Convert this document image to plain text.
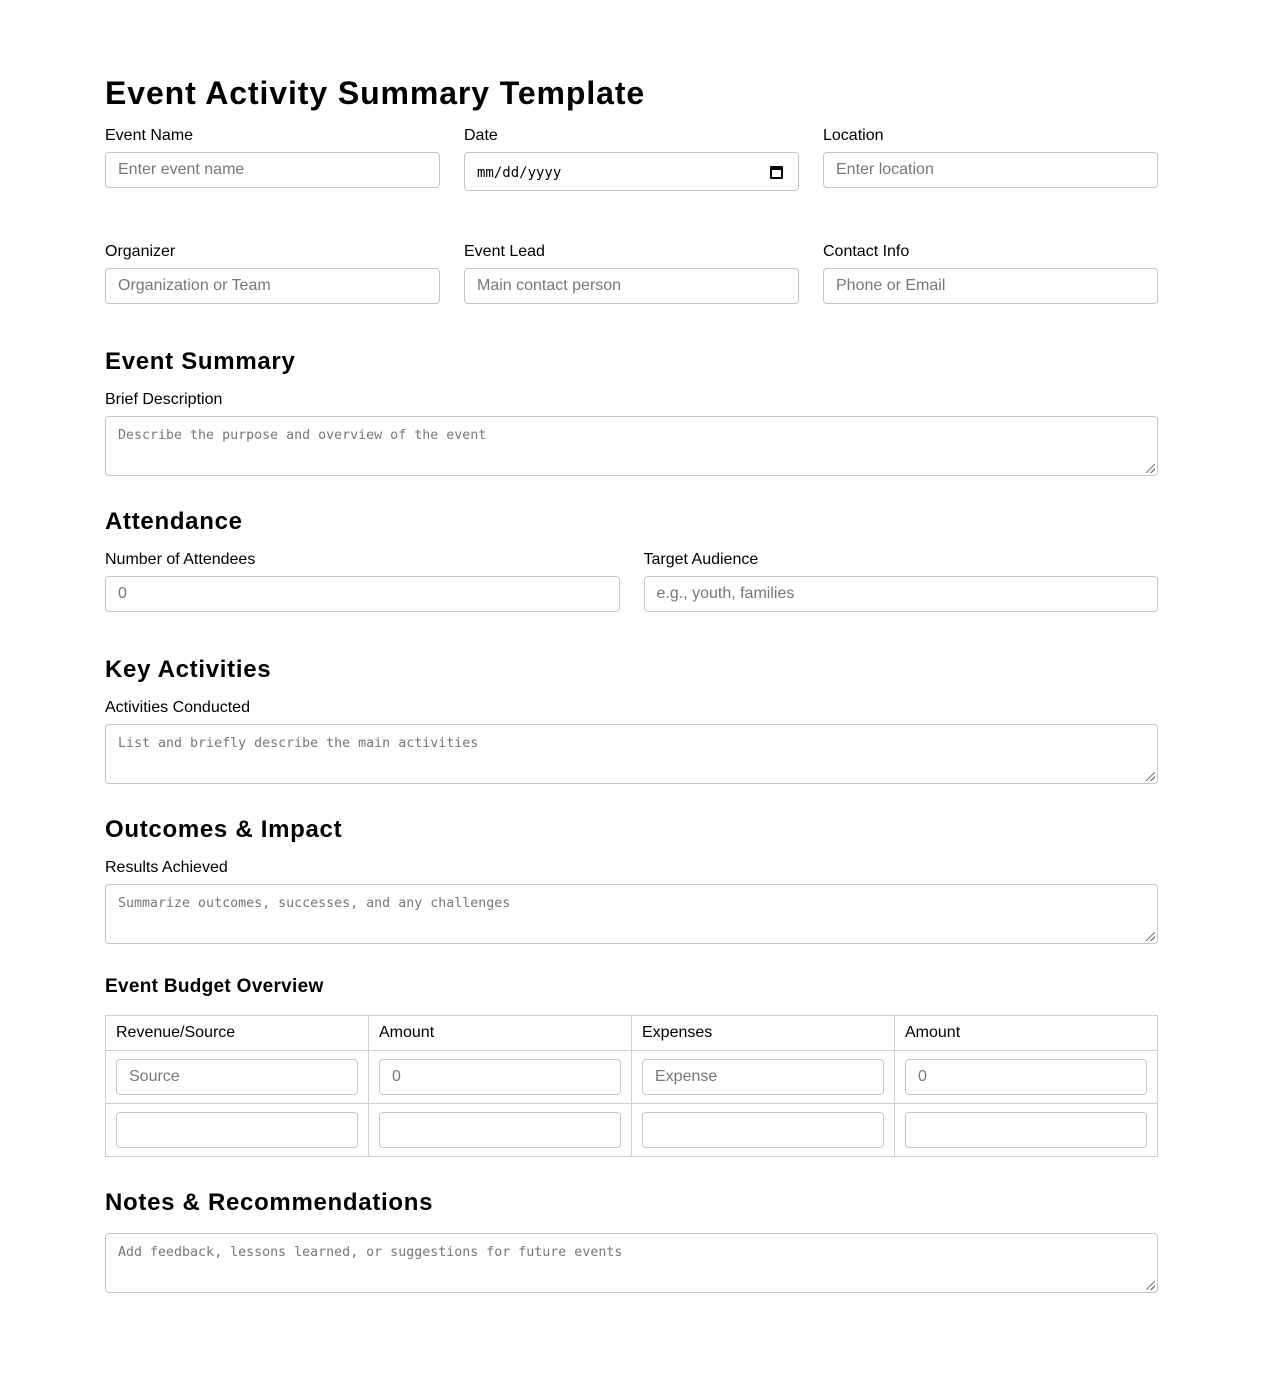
Event Activity Summary Template
Event Name
Enter event name
Date
mm/dd/yyyy
Location
Enter location
Organizer
Organization or Team
Event Lead
Main contact person
Contact Info
Phone or Email
Event Summary
Brief Description
Describe the purpose and overview of the event
Attendance
Number of Attendees
0
Target Audience
e.g., youth, families
Key Activities
Activities Conducted
List and briefly describe the main activities
Outcomes & Impact
Results Achieved
Summarize outcomes, successes, and any challenges
Event Budget Overview
Revenue/Source	Amount	Expenses	Amount

Source	0	Expense	0

Notes & Recommendations
Add feedback, lessons learned, or suggestions for future events
